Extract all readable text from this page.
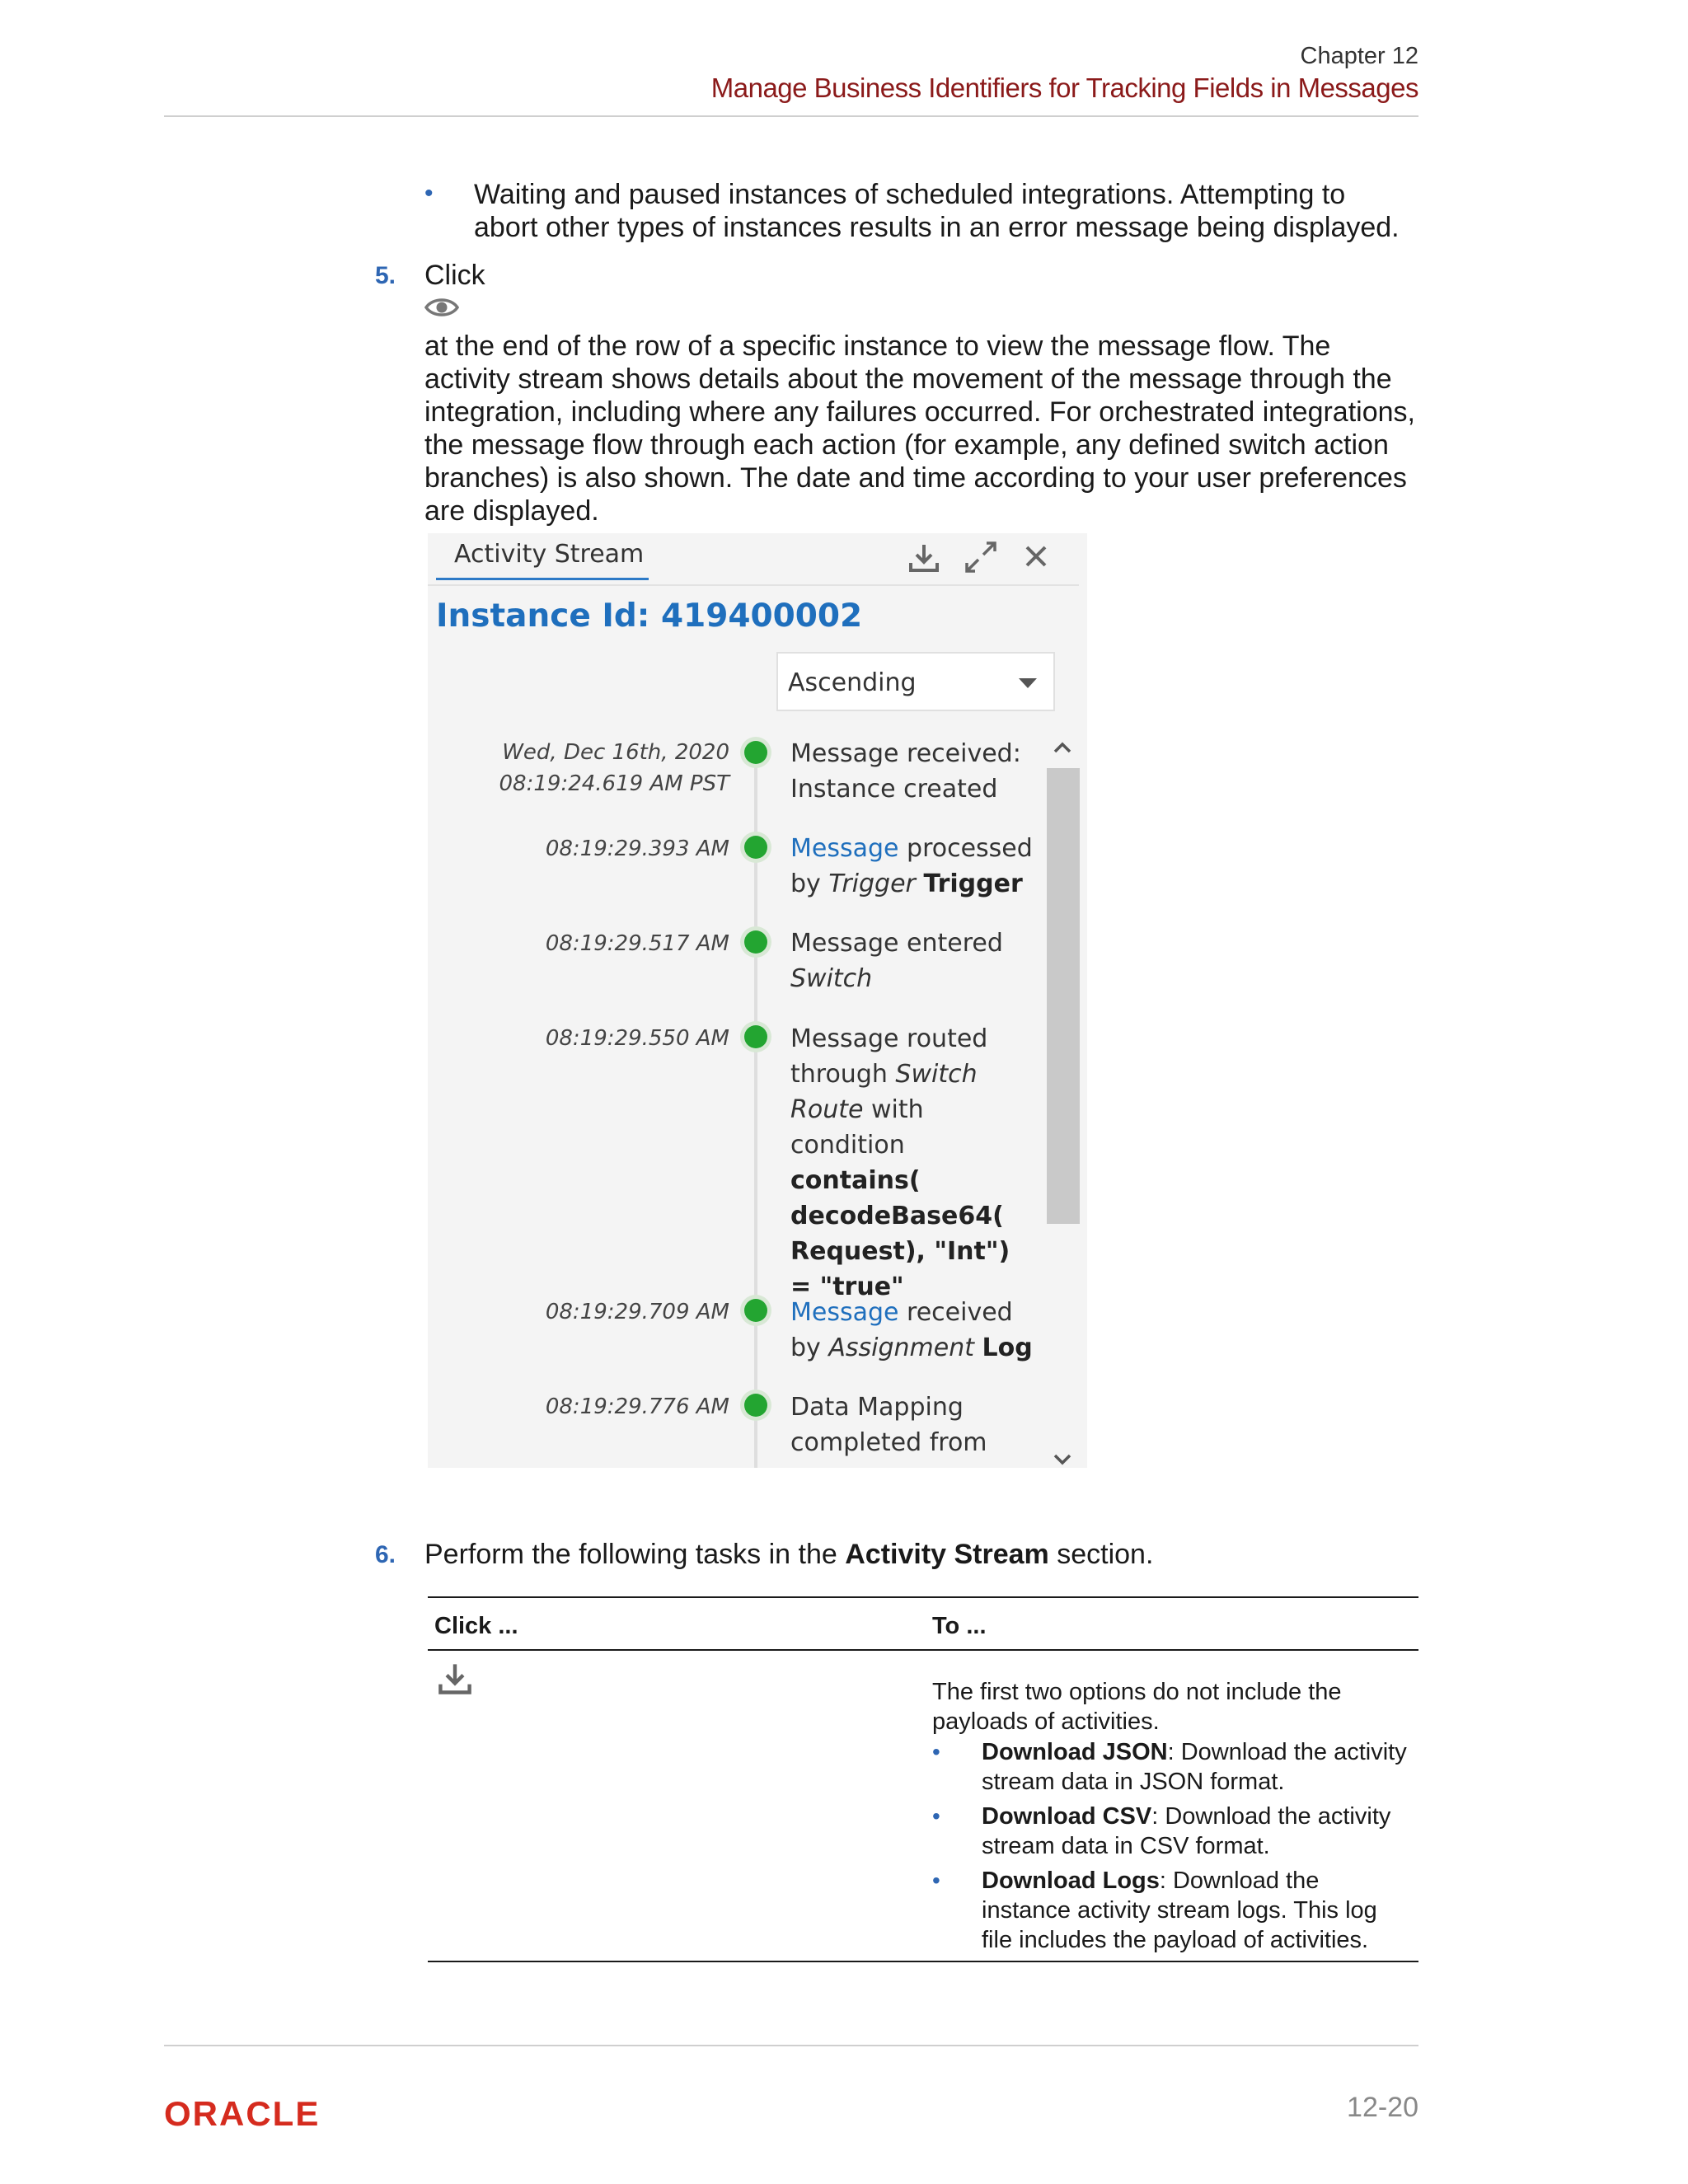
Chapter 12
Manage Business Identifiers for Tracking Fields in Messages
• Waiting and paused instances of scheduled integrations. Attempting to abort other types of instances results in an error message being displayed.
5. Click
at the end of the row of a specific instance to view the message flow. The activity stream shows details about the movement of the message through the integration, including where any failures occurred. For orchestrated integrations, the message flow through each action (for example, any defined switch action branches) is also shown. The date and time according to your user preferences are displayed.
Activity Stream
Instance Id: 419400002
Ascending
Wed, Dec 16th, 2020
08:19:24.619 AM PST
Message received: Instance created
08:19:29.393 AM Message processed by Trigger Trigger
08:19:29.517 AM Message entered
Switch
08:19:29.550 AM Message routed through Switch Route with condition contains( decodeBase64( Request), "Int") = "true"
08:19:29.709 AM Message received by Assignment Log
08:19:29.776 AM Data Mapping completed from
6. Perform the following tasks in the Activity Stream section.
Click ...	To ...
The first two options do not include the payloads of activities.
• Download JSON: Download the activity stream data in JSON format.
• Download CSV: Download the activity stream data in CSV format.
• Download Logs: Download the instance activity stream logs. This log file includes the payload of activities.
ORACLE	12-20
